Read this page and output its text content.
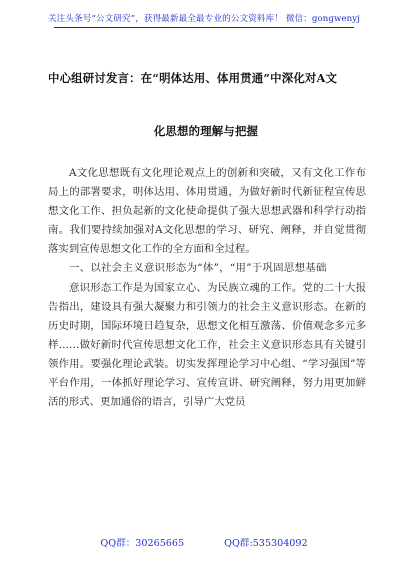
关注头条号“公文研究”，获得最新最全最专业的公文资料库！ 微信：gongwenyj
中心组研讨发言：在“明体达用、体用贯通”中深化对A文
化思想的理解与把握

A文化思想既有文化理论观点上的创新和突破，又有文化工作布局上的部署要求，明体达用、体用贯通，为做好新时代新征程宣传思想文化工作、担负起新的文化使命提供了强大思想武器和科学行动指南。我们要持续加强对A文化思想的学习、研究、阐释，并自觉贯彻落实到宣传思想文化工作的全方面和全过程。

一、以社会主义意识形态为“体”，“用”于巩固思想基础

意识形态工作是为国家立心、为民族立魂的工作。党的二十大报告指出，建设具有强大凝聚力和引领力的社会主义意识形态。在新的历史时期，国际环境日趋复杂，思想文化相互激荡、价值观念多元多样……做好新时代宣传思想文化工作，社会主义意识形态具有关键引领作用。要强化理论武装。切实发挥理论学习中心组、“学习强国”等平台作用，一体抓好理论学习、宣传宣讲、研究阐释，努力用更加鲜活的形式、更加通俗的语言，引导广大党员

QQ群：30265665	QQ群:535304092
